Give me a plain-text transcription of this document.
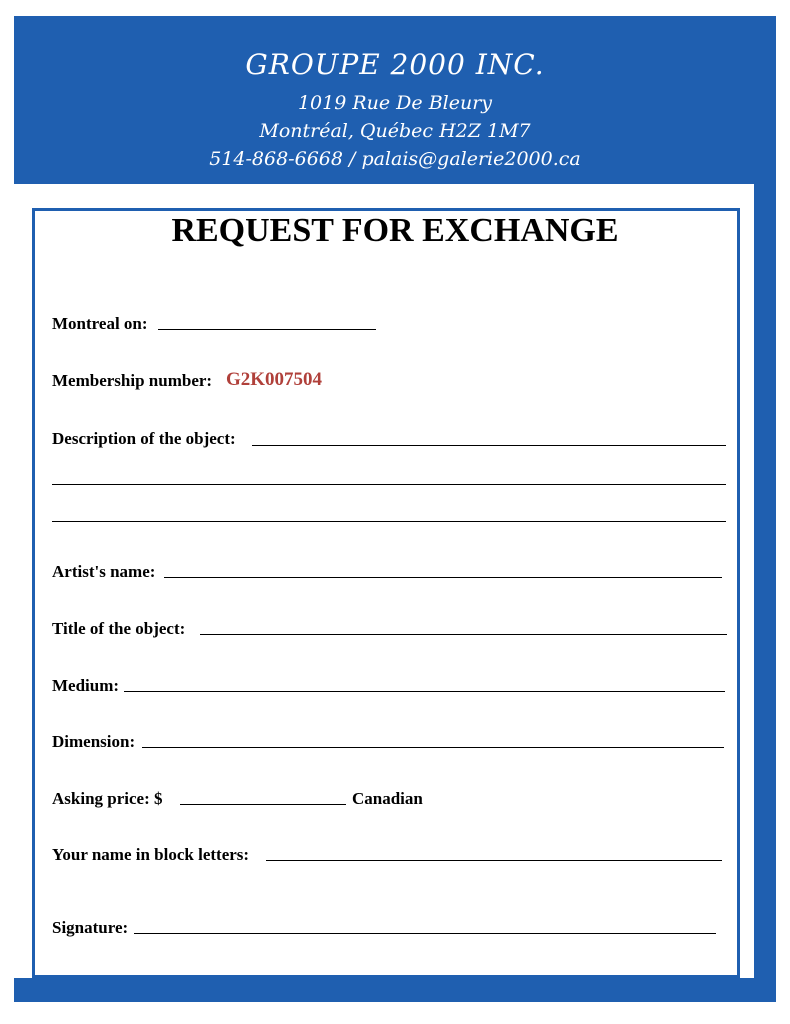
GROUPE 2000 INC.
1019 Rue De Bleury
Montréal, Québec H2Z 1M7
514-868-6668 / palais@galerie2000.ca
REQUEST FOR EXCHANGE
Montreal on:
Membership number: G2K007504
Description of the object:
Artist's name:
Title of the object:
Medium:
Dimension:
Asking price: $	Canadian
Your name in block letters:
Signature:
